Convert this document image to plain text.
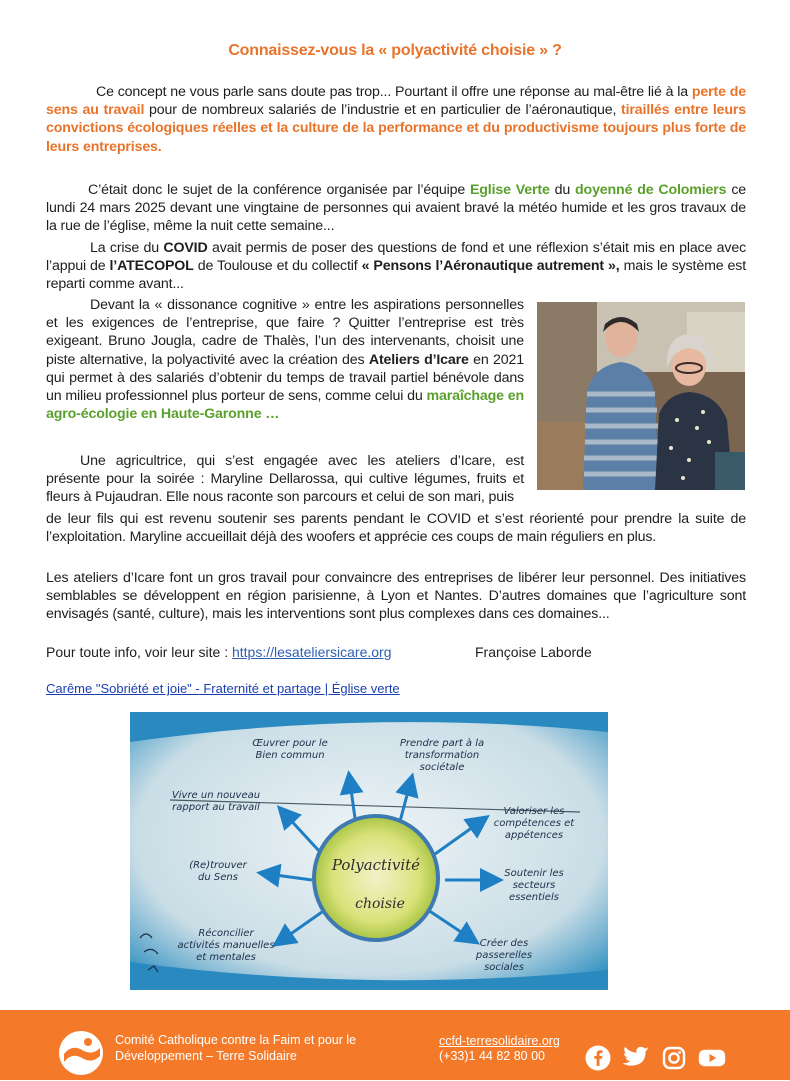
Connaissez-vous la « polyactivité choisie » ?
Ce concept ne vous parle sans doute pas trop... Pourtant il offre une réponse au mal-être lié à la perte de sens au travail pour de nombreux salariés de l’industrie et en particulier de l’aéronautique, tiraillés entre leurs convictions écologiques réelles et la culture de la performance et du productivisme toujours plus forte de leurs entreprises.
C’était donc le sujet de la conférence organisée par l’équipe Eglise Verte du doyenné de Colomiers ce lundi 24 mars 2025 devant une vingtaine de personnes qui avaient bravé la météo humide et les gros travaux de la rue de l’église, même la nuit cette semaine...
La crise du COVID avait permis de poser des questions de fond et une réflexion s’était mis en place avec l’appui de l’ATECOPOL de Toulouse et du collectif « Pensons l’Aéronautique autrement », mais le système est reparti comme avant...
Devant la « dissonance cognitive » entre les aspirations personnelles et les exigences de l’entreprise, que faire ? Quitter l’entreprise est très exigeant. Bruno Jougla, cadre de Thalès, l’un des intervenants, choisit une piste alternative, la polyactivité avec la création des Ateliers d’Icare en 2021 qui permet à des salariés d’obtenir du temps de travail partiel bénévole dans un milieu professionnel plus porteur de sens, comme celui du maraîchage en agro-écologie en Haute-Garonne …
Une agricultrice, qui s’est engagée avec les ateliers d’Icare, est présente pour la soirée : Maryline Dellarossa, qui cultive légumes, fruits et fleurs à Pujaudran. Elle nous raconte son parcours et celui de son mari, puis
de leur fils qui est revenu soutenir ses parents pendant le COVID et s’est réorienté pour prendre la suite de l’exploitation. Maryline accueillait déjà des woofers et apprécie ces coups de main réguliers en plus.
Les ateliers d’Icare font un gros travail pour convaincre des entreprises de libérer leur personnel. Des initiatives semblables se développent en région parisienne, à Lyon et Nantes. D’autres domaines que l’agriculture sont envisagés (santé, culture), mais les interventions sont plus complexes dans ces domaines...
Pour toute info, voir leur site : https://lesateliersicare.org	Françoise Laborde
Carême "Sobriété et joie" - Fraternité et partage | Église verte
Polyactivité
choisie
Œuvrer pour le
Bien commun
Prendre part à la
transformation
sociétale
Vivre un nouveau
rapport au travail	Valoriser les
compétences et
appétences
(Re)trouver
du Sens	Soutenir les
secteurs
essentiels
Réconcilier
activités manuelles
et mentales
Créer des
passerelles
sociales
Comité Catholique contre la Faim et pour le
Développement – Terre Solidaire
ccfd-terresolidaire.org
(+33)1 44 82 80 00
